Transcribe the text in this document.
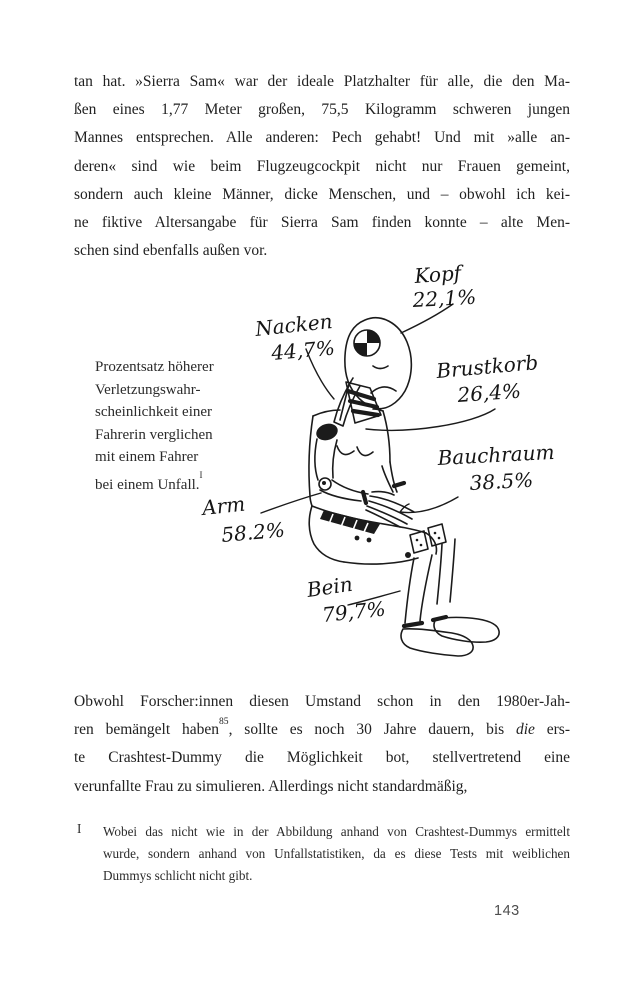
tan hat. »Sierra Sam« war der ideale Platzhalter für alle, die den Ma-
ßen eines 1,77 Meter großen, 75,5 Kilogramm schweren jungen
Mannes entsprechen. Alle anderen: Pech gehabt! Und mit »alle an-
deren« sind wie beim Flugzeugcockpit nicht nur Frauen gemeint,
sondern auch kleine Männer, dicke Menschen, und – obwohl ich kei-
ne fiktive Altersangabe für Sierra Sam finden konnte – alte Men-
schen sind ebenfalls außen vor.
Prozentsatz höherer
Verletzungswahr-
scheinlichkeit einer
Fahrerin verglichen
mit einem Fahrer
bei einem Unfall.$^I$
Kopf
22,1%
Nacken
44,7%	Brustkorb
26,4%
Bauchraum
38.5%
Arm
58.2%
Bein
79,7%
Obwohl Forscher:innen diesen Umstand schon in den 1980er-Jah-
ren bemängelt haben$^{85}$, sollte es noch 30 Jahre dauern, bis die ers-
te Crashtest-Dummy die Möglichkeit bot, stellvertretend eine
verunfallte Frau zu simulieren. Allerdings nicht standardmäßig,
I Wobei das nicht wie in der Abbildung anhand von Crashtest-Dummys ermittelt
wurde, sondern anhand von Unfallstatistiken, da es diese Tests mit weiblichen
Dummys schlicht nicht gibt.
143
